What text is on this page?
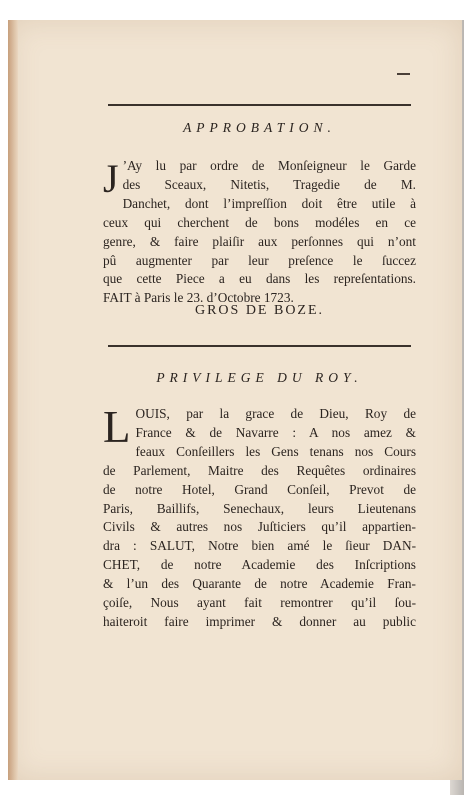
APPROBATION.
J ’Ay lu par ordre de Monſeigneur le Garde
des Sceaux, Nitetis, Tragedie de M.
Danchet, dont l’impreſſion doit être utile à
ceux qui cherchent de bons modéles en ce
genre, & faire plaiſir aux perſonnes qui n’ont
pû augmenter par leur preſence le ſuccez
que cette Piece a eu dans les repreſentations.
FAIT à Paris le 23. d’Octobre 1723.
GROS DE BOZE.
PRIVILEGE DU ROY.
L OUIS, par la grace de Dieu, Roy de
France & de Navarre : A nos amez &
feaux Conſeillers les Gens tenans nos Cours
de Parlement, Maitre des Requêtes ordinaires
de notre Hotel, Grand Conſeil, Prevot de
Paris, Baillifs, Senechaux, leurs Lieutenans
Civils & autres nos Juſticiers qu’il appartien-
dra : SALUT, Notre bien amé le ſieur DAN-
CHET, de notre Academie des Inſcriptions
& l’un des Quarante de notre Academie Fran-
çoiſe, Nous ayant fait remontrer qu’il ſou-
haiteroit faire imprimer & donner au public
